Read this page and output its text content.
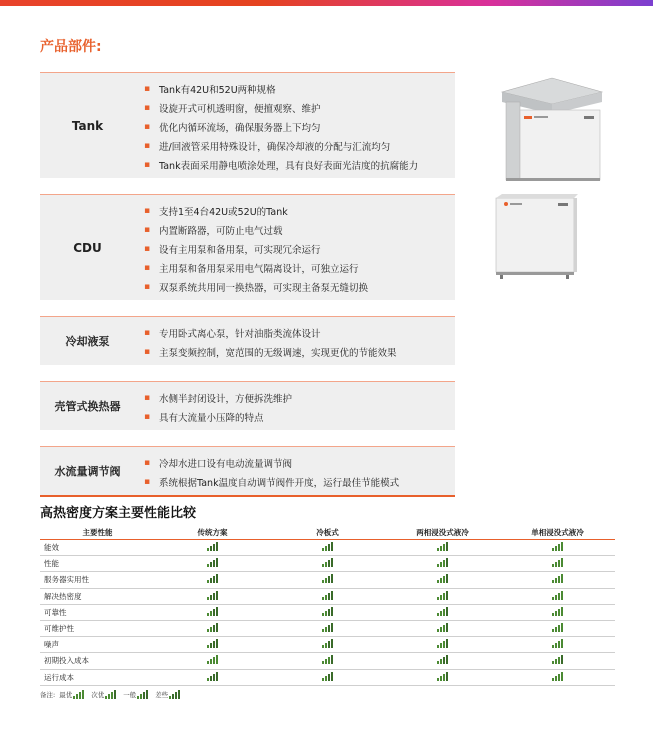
产品部件:
Tank
▪ Tank有42U和52U两种规格
▪ 设旋开式可机透明窗，便擅观察、维护
▪ 优化内循环流场，确保服务器上下均匀
▪ 进/回液管采用特殊设计，确保冷却液的分配与汇流均匀
▪ Tank表面采用静电喷涂处理，具有良好表面光洁度的抗腐能力
CDU
▪ 支持1至4台42U或52U的Tank
▪ 内置断路器，可防止电气过载
▪ 设有主用泵和备用泵，可实现冗余运行
▪ 主用泵和备用泵采用电气隔离设计，可独立运行
▪ 双泵系统共用同一换热器，可实现主备泵无缝切换
冷却液泵
▪ 专用卧式离心泵，针对油脂类流体设计
▪ 主泵变频控制，宽范围的无级调速，实现更优的节能效果
壳管式换热器
▪ 水侧半封闭设计，方便拆洗维护
▪ 具有大流量小压降的特点
水流量调节阀
▪ 冷却水进口设有电动流量调节阀
▪ 系统根据Tank温度自动调节阀件开度，运行最佳节能模式
高热密度方案主要性能比较
主要性能	传统方案	冷板式	两相浸没式液冷	单相浸没式液冷
能效
性能
服务器实用性
解决热密度
可靠性
可维护性
噪声
初期投入成本
运行成本
备注: 最优	次优	一般	差些
